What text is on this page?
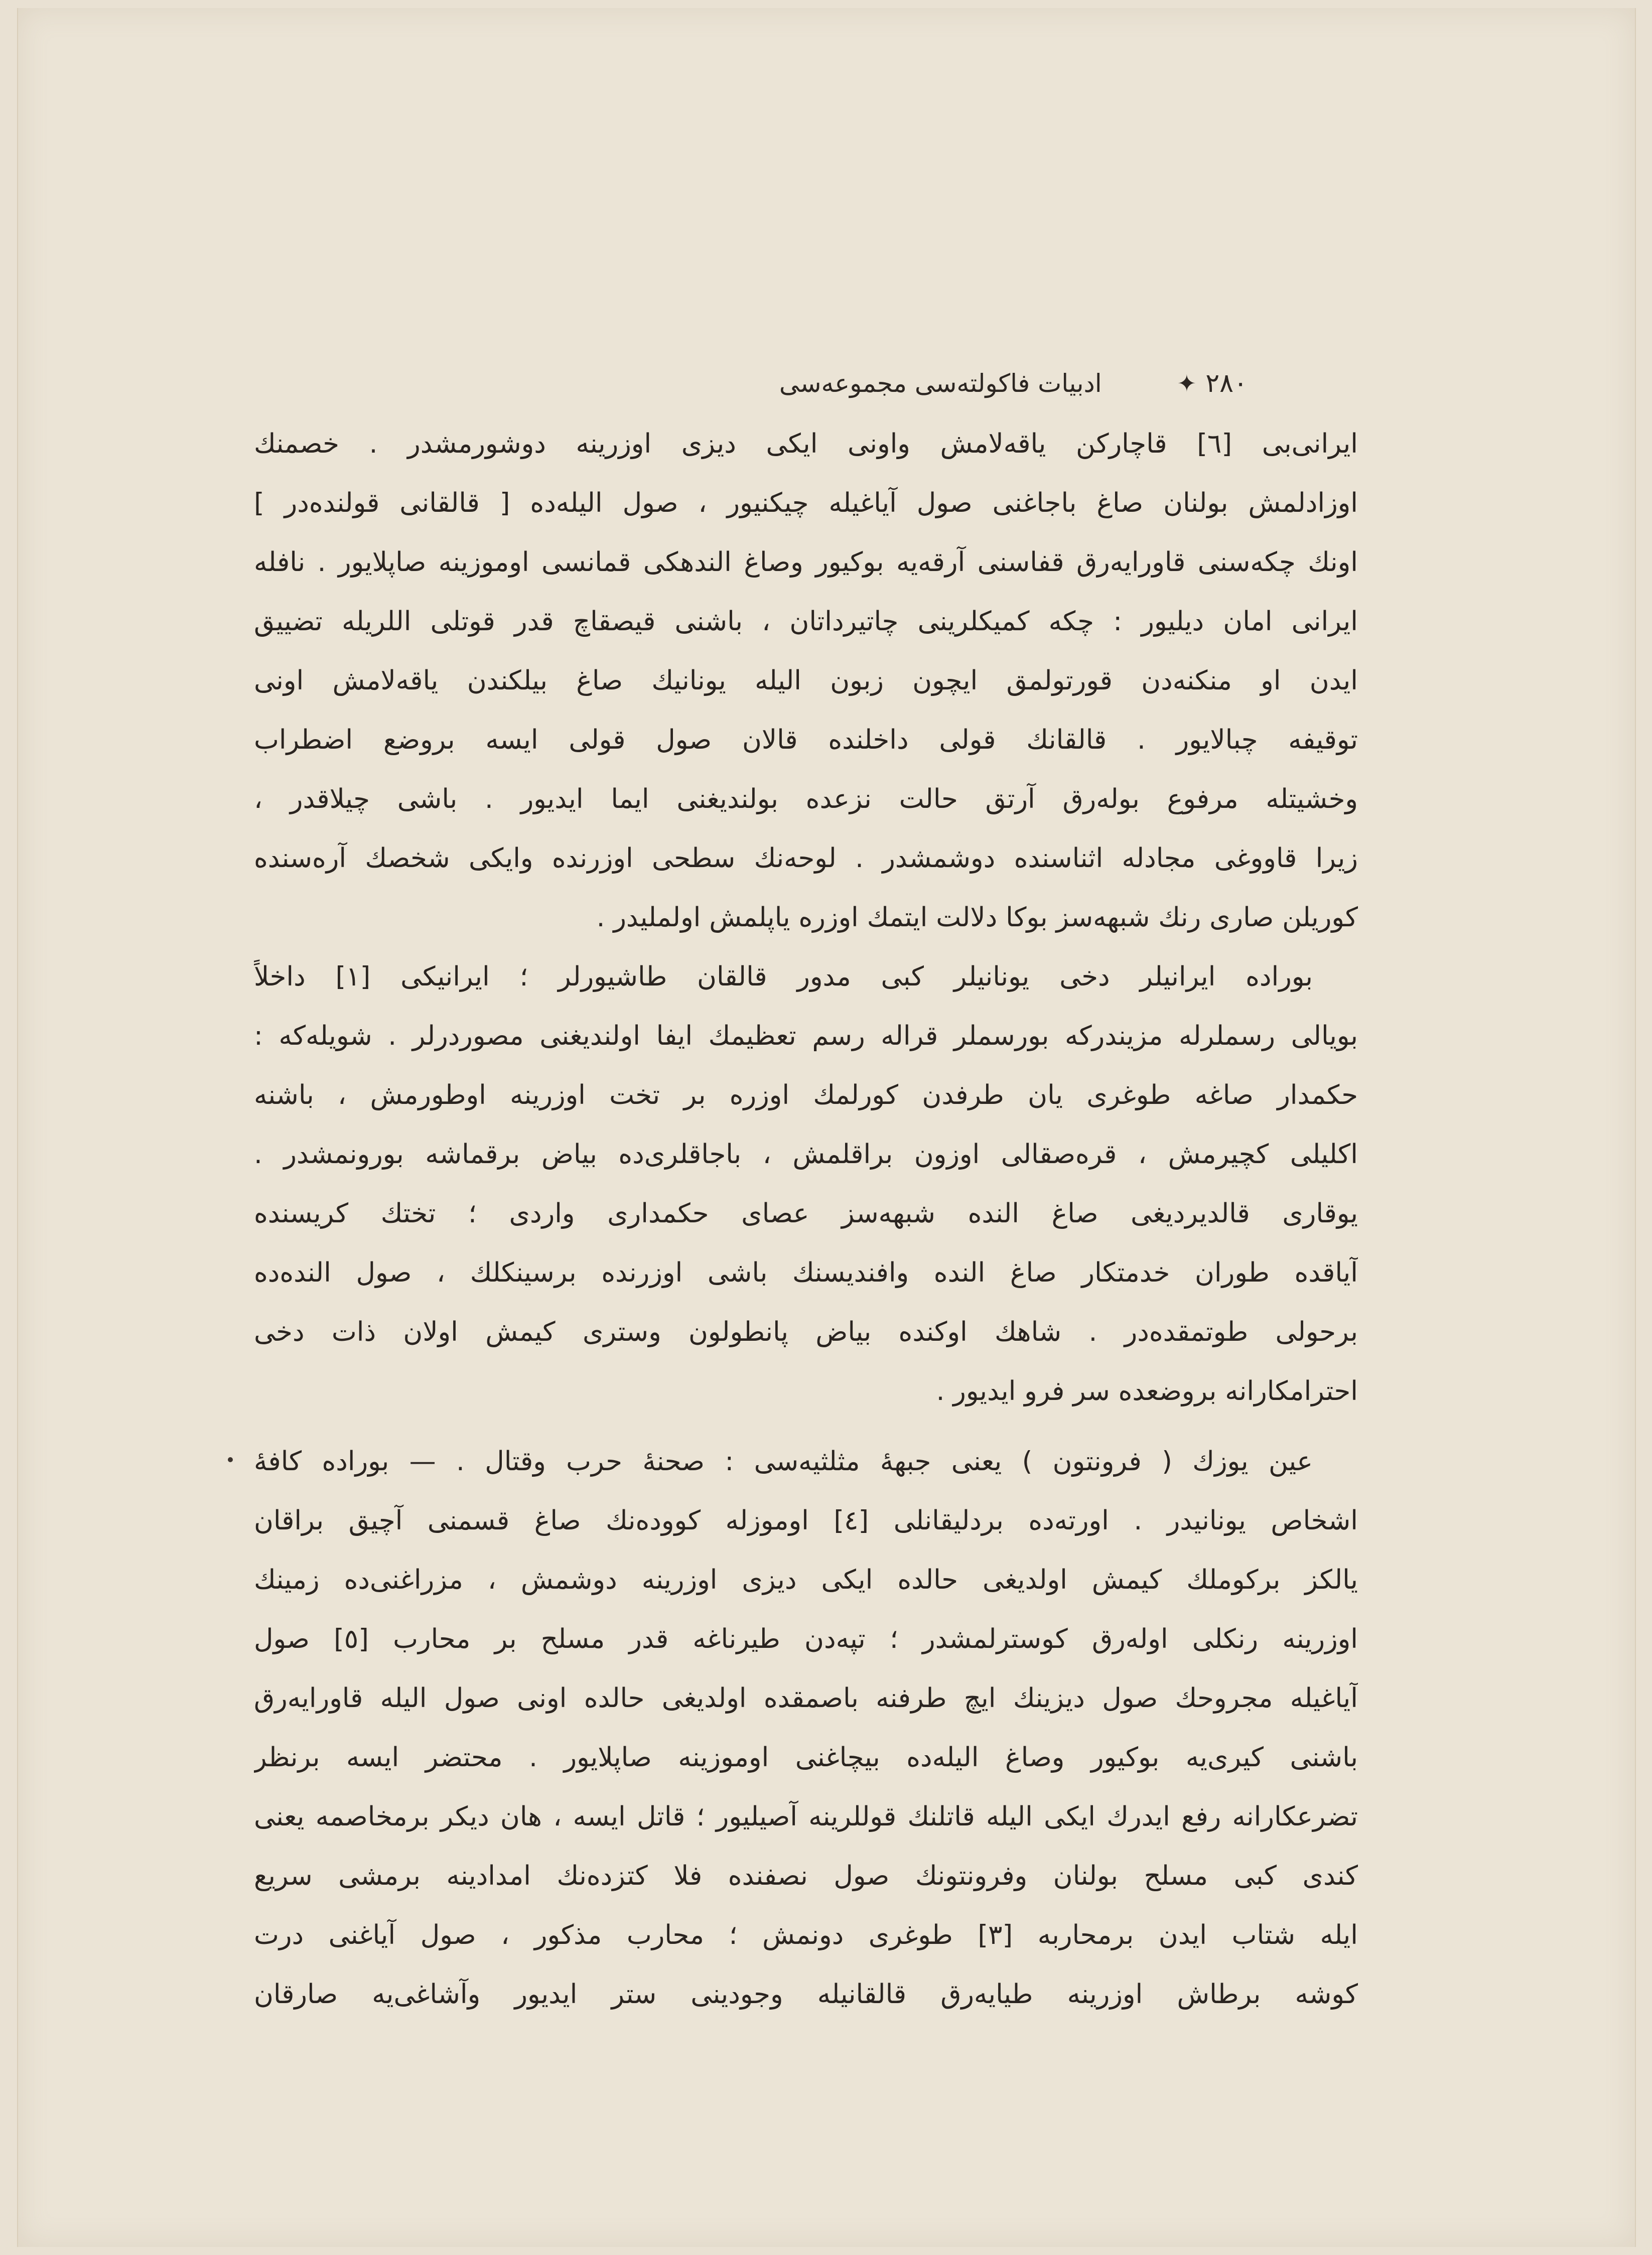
۲۸۰
✦
ادبیات فاکولته‌سی مجموعه‌سی
ایرانی‌بی [٦] قاچارکن یاقه‌لامش واونی ایکی دیزی اوزرینه دوشورمشدر . خصمنك
اوزادلمش بولنان صاغ باجاغنی صول آیاغیله چیکنیور ، صول الیله‌ده [ قالقانی قولنده‌در ]
اونك چکه‌سنی قاورایه‌رق قفاسنی آرقه‌یه بوکیور وصاغ الندهکی قمانسی اوموزینه صاپلایور . نافله
ایرانی امان دیلیور : چکه کمیکلرینی چاتیرداتان ، باشنی قیصقاچ قدر قوتلی اللریله تضییق
ایدن او منکنه‌دن قورتولمق ایچون زبون الیله یونانیك صاغ بیلکندن یاقه‌لامش اونی
توقیفه چبالایور . قالقانك قولی داخلنده قالان صول قولی ایسه بروضع اضطراب
وخشیتله مرفوع بوله‌رق آرتق حالت نزعده بولندیغنی ایما ایدیور . باشی چیلاقدر ،
زیرا قاووغی مجادله اثناسنده دوشمشدر . لوحه‌نك سطحی اوزرنده وایکی شخصك آره‌سنده
کوریلن صاری رنك شبهه‌سز بوکا دلالت ایتمك اوزره یاپلمش اولملیدر .
بوراده ایرانیلر دخی یونانیلر کبی مدور قالقان طاشیورلر ؛ ایرانیکی [١] داخلاً
بویالی رسملرله مزیندرکه بورسملر قراله رسم تعظیمك ایفا اولندیغنی مصوردرلر . شویله‌که :
حکمدار صاغه طوغری یان طرفدن کورلمك اوزره بر تخت اوزرینه اوطورمش ، باشنه
اکلیلی کچیرمش ، قره‌صقالی اوزون براقلمش ، باجاقلری‌ده بیاض برقماشه بورونمشدر .
یوقاری قالدیردیغی صاغ النده شبهه‌سز عصای حکمداری واردی ؛ تختك کریسنده
آیاقده طوران خدمتکار صاغ النده وافندیسنك باشی اوزرنده برسینکلك ، صول النده‌ده
برحولی طوتمقده‌در . شاهك اوکنده بیاض پانطولون وستری کیمش اولان ذات دخی
احترامکارانه بروضعده سر فرو ایدیور .
عین یوزك ( فرونتون ) یعنی جبههٔ مثلثیه‌سی : صحنهٔ حرب وقتال . — بوراده کافهٔ
اشخاص یونانیدر . اورته‌ده بردلیقانلی [٤] اوموزله کووده‌نك صاغ قسمنی آچیق براقان
یالکز برکوملك کیمش اولدیغی حالده ایکی دیزی اوزرینه دوشمش ، مزراغنی‌ده زمینك
اوزرینه رنکلی اوله‌رق کوسترلمشدر ؛ تپه‌دن طیرناغه قدر مسلح بر محارب [٥] صول
آیاغیله مجروحك صول دیزینك ایچ طرفنه باصمقده اولدیغی حالده اونی صول الیله قاورایه‌رق
باشنی کیری‌یه بوکیور وصاغ الیله‌ده بیچاغنی اوموزینه صاپلایور . محتضر ایسه برنظر
تضرعکارانه رفع ایدرك ایکی الیله قاتلنك قوللرینه آصیلیور ؛ قاتل ایسه ، هان دیکر برمخاصمه یعنی
کندی کبی مسلح بولنان وفرونتونك صول نصفنده فلا کتزده‌نك امدادینه برمشی سریع
ایله شتاب ایدن برمحاربه [٣] طوغری دونمش ؛ محارب مذکور ، صول آیاغنی درت
کوشه برطاش اوزرینه طیایه‌رق قالقانیله وجودینی ستر ایدیور وآشاغی‌یه صارقان
